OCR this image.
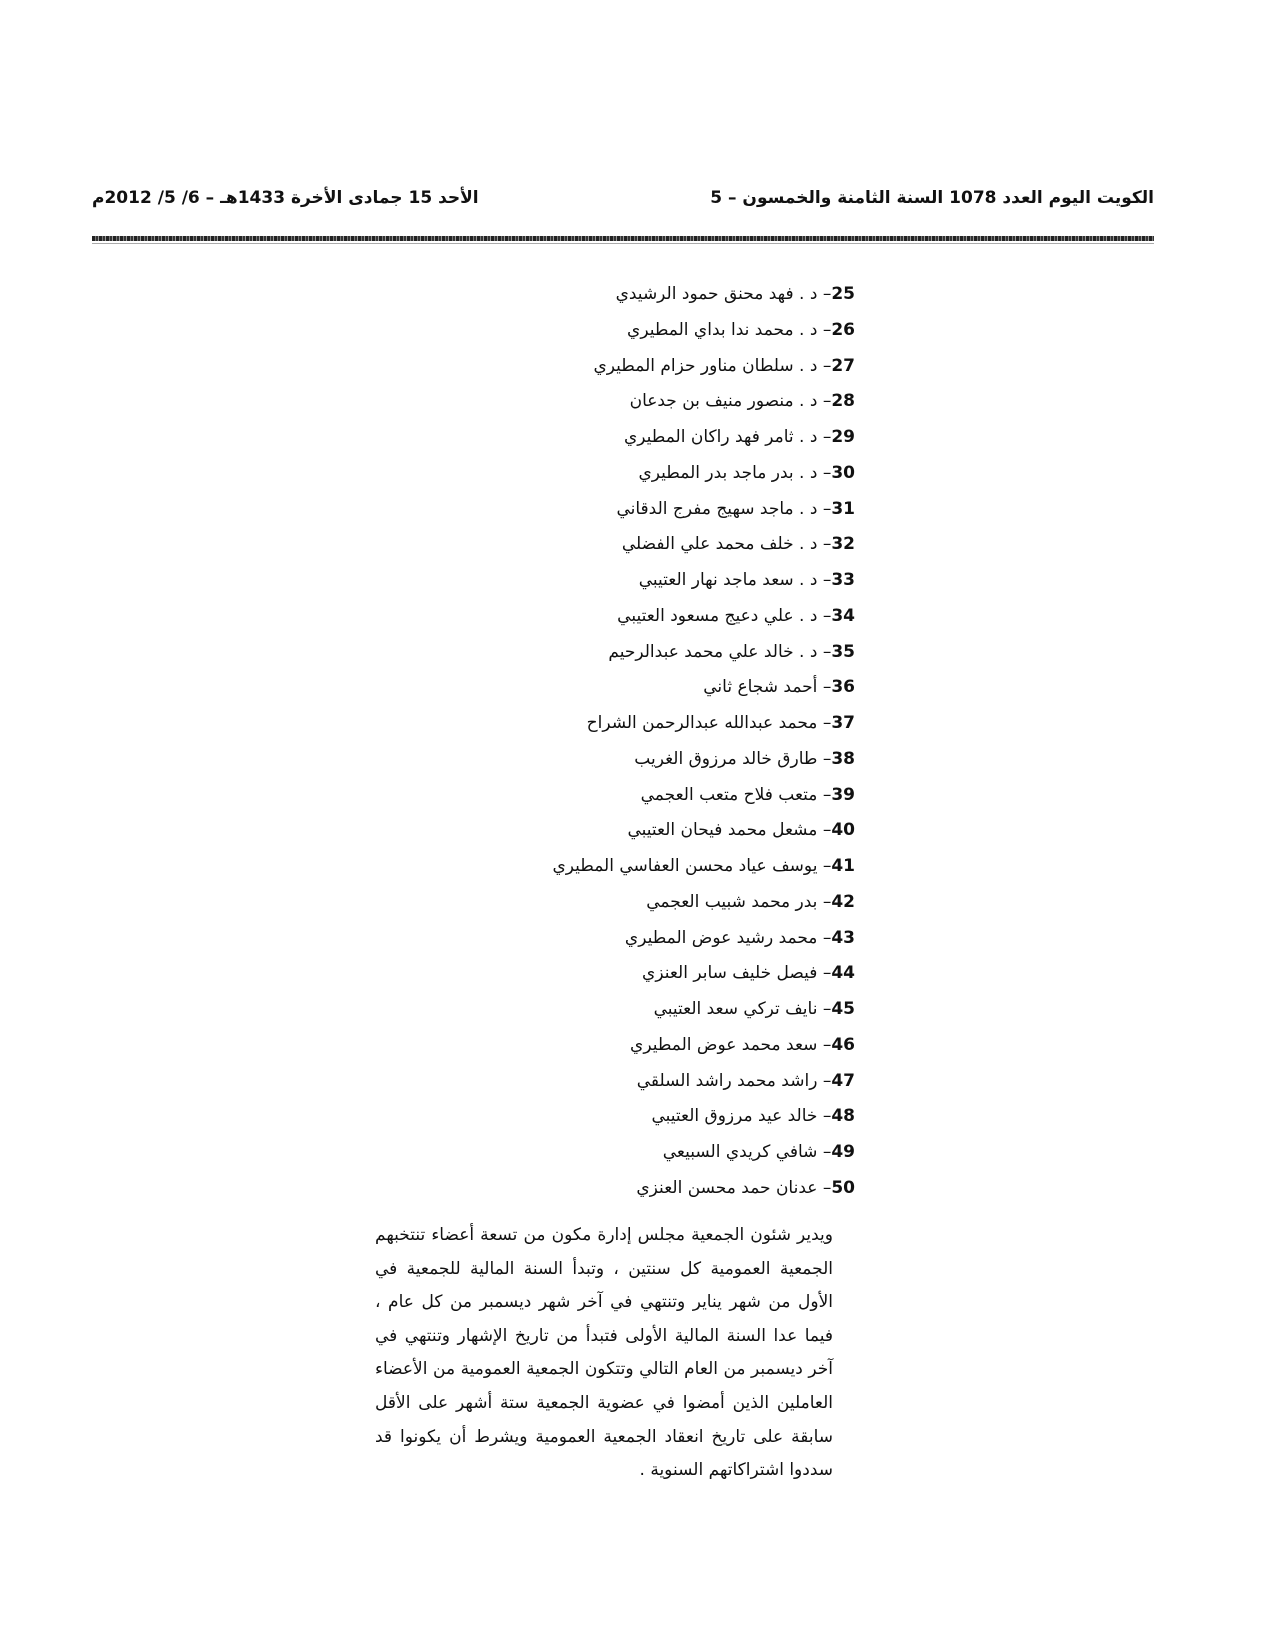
الكويت اليوم العدد 1078 السنة الثامنة والخمسون – 5
الأحد 15 جمادى الأخرة 1433هـ – 6/ 5/ 2012م
25– د . فهد محنق حمود الرشيدي
26– د . محمد ندا بداي المطيري
27– د . سلطان مناور حزام المطيري
28– د . منصور منيف بن جدعان
29– د . ثامر فهد راكان المطيري
30– د . بدر ماجد بدر المطيري
31– د . ماجد سهيج مفرج الدقاني
32– د . خلف محمد علي الفضلي
33– د . سعد ماجد نهار العتيبي
34– د . علي دعيج مسعود العتيبي
35– د . خالد علي محمد عبدالرحيم
36– أحمد شجاع ثاني
37– محمد عبدالله عبدالرحمن الشراح
38– طارق خالد مرزوق الغريب
39– متعب فلاح متعب العجمي
40– مشعل محمد فيحان العتيبي
41– يوسف عياد محسن العفاسي المطيري
42– بدر محمد شبيب العجمي
43– محمد رشيد عوض المطيري
44– فيصل خليف سابر العنزي
45– نايف تركي سعد العتيبي
46– سعد محمد عوض المطيري
47– راشد محمد راشد السلقي
48– خالد عيد مرزوق العتيبي
49– شافي كريدي السبيعي
50– عدنان حمد محسن العنزي

ويدير شئون الجمعية مجلس إدارة مكون من تسعة أعضاء تنتخبهم الجمعية العمومية كل سنتين ، وتبدأ السنة المالية للجمعية في الأول من شهر يناير وتنتهي في آخر شهر ديسمبر من كل عام ، فيما عدا السنة المالية الأولى فتبدأ من تاريخ الإشهار وتنتهي في آخر ديسمبر من العام التالي وتتكون الجمعية العمومية من الأعضاء العاملين الذين أمضوا في عضوية الجمعية ستة أشهر على الأقل سابقة على تاريخ انعقاد الجمعية العمومية ويشرط أن يكونوا قد سددوا اشتراكاتهم السنوية .
